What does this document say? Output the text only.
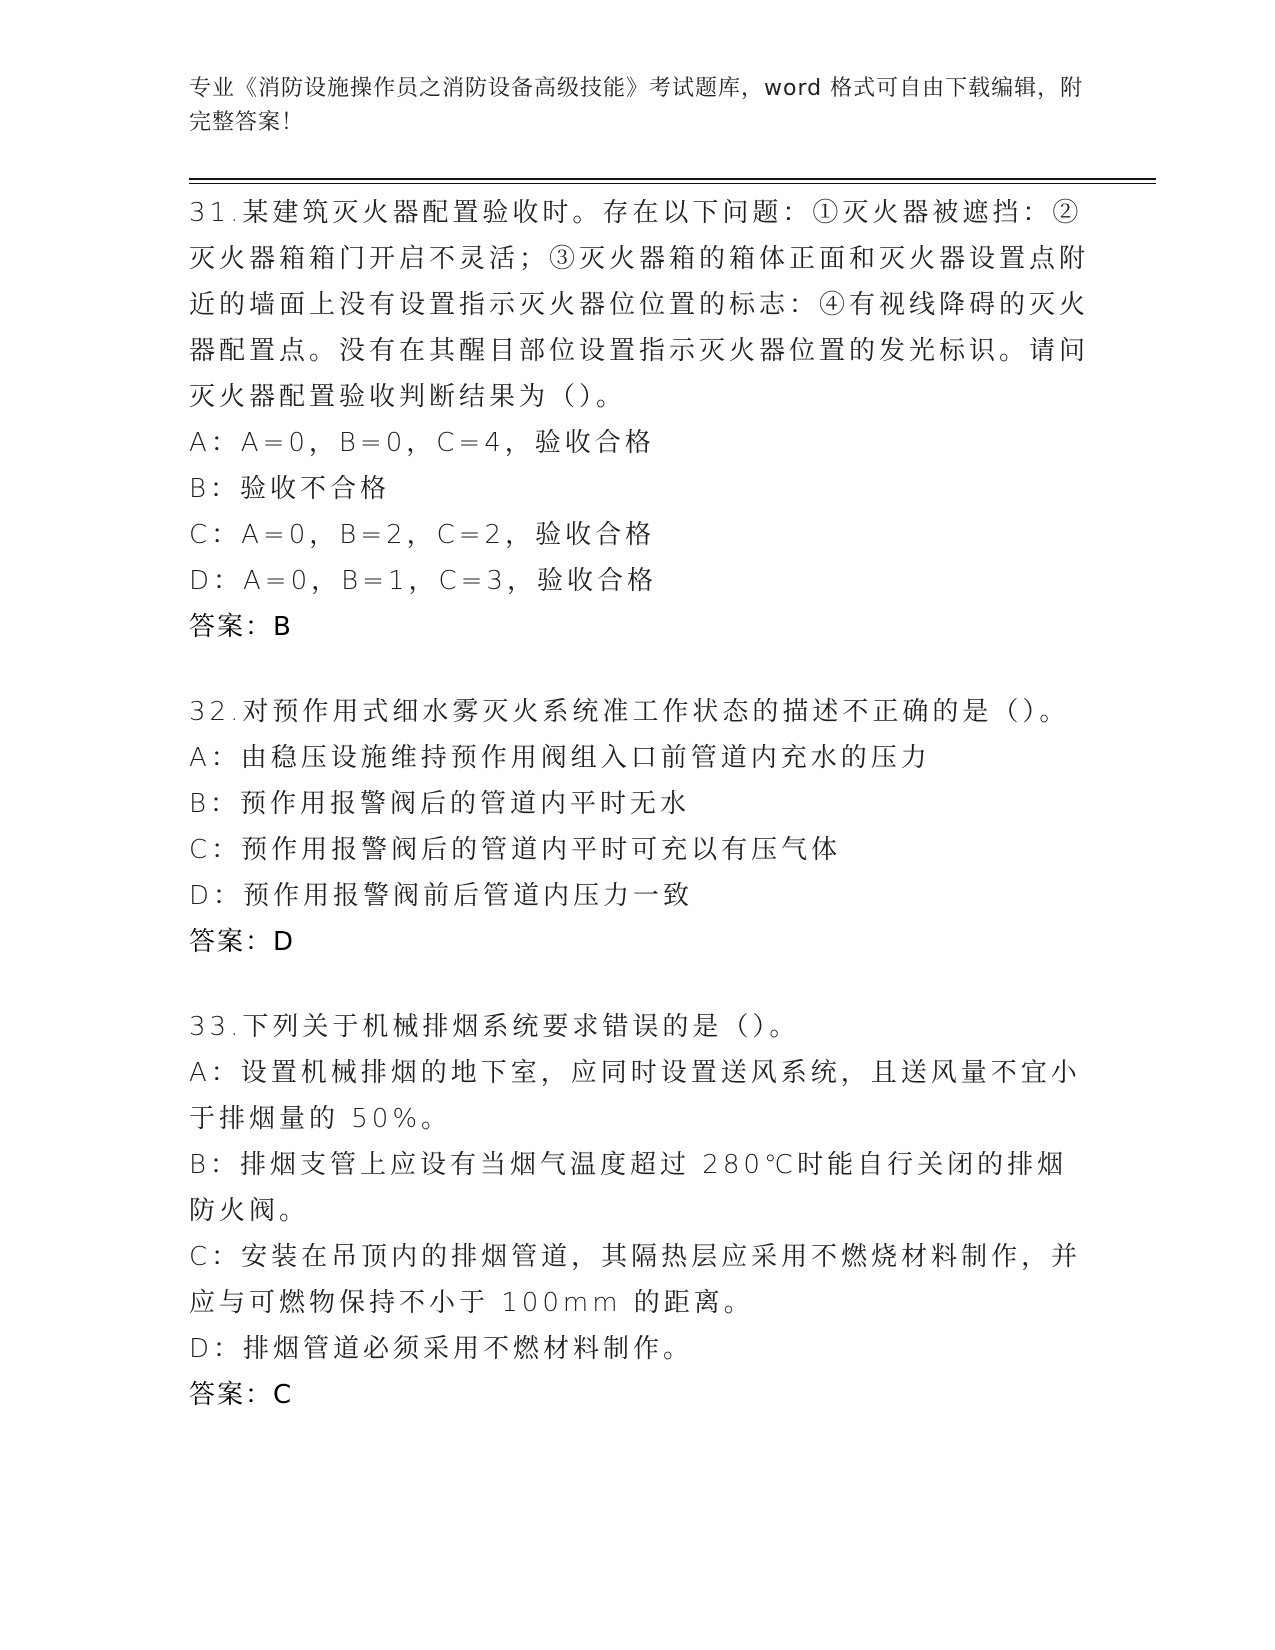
专业《消防设施操作员之消防设备高级技能》考试题库，word 格式可自由下载编辑，附完整答案！
31.某建筑灭火器配置验收时。存在以下问题：①灭火器被遮挡：②灭火器箱箱门开启不灵活；③灭火器箱的箱体正面和灭火器设置点附近的墙面上没有设置指示灭火器位位置的标志：④有视线降碍的灭火器配置点。没有在其醒目部位设置指示灭火器位置的发光标识。请问灭火器配置验收判断结果为（）。
A：A=0，B=0，C=4，验收合格
B：验收不合格
C：A=0，B=2，C=2，验收合格
D：A=0，B=1，C=3，验收合格
答案：B
32.对预作用式细水雾灭火系统准工作状态的描述不正确的是（）。
A：由稳压设施维持预作用阀组入口前管道内充水的压力
B：预作用报警阀后的管道内平时无水
C：预作用报警阀后的管道内平时可充以有压气体
D：预作用报警阀前后管道内压力一致
答案：D
33.下列关于机械排烟系统要求错误的是（）。
A：设置机械排烟的地下室，应同时设置送风系统，且送风量不宜小于排烟量的 50%。
B：排烟支管上应设有当烟气温度超过 280℃时能自行关闭的排烟防火阀。
C：安装在吊顶内的排烟管道，其隔热层应采用不燃烧材料制作，并应与可燃物保持不小于 100mm 的距离。
D：排烟管道必须采用不燃材料制作。
答案：C
